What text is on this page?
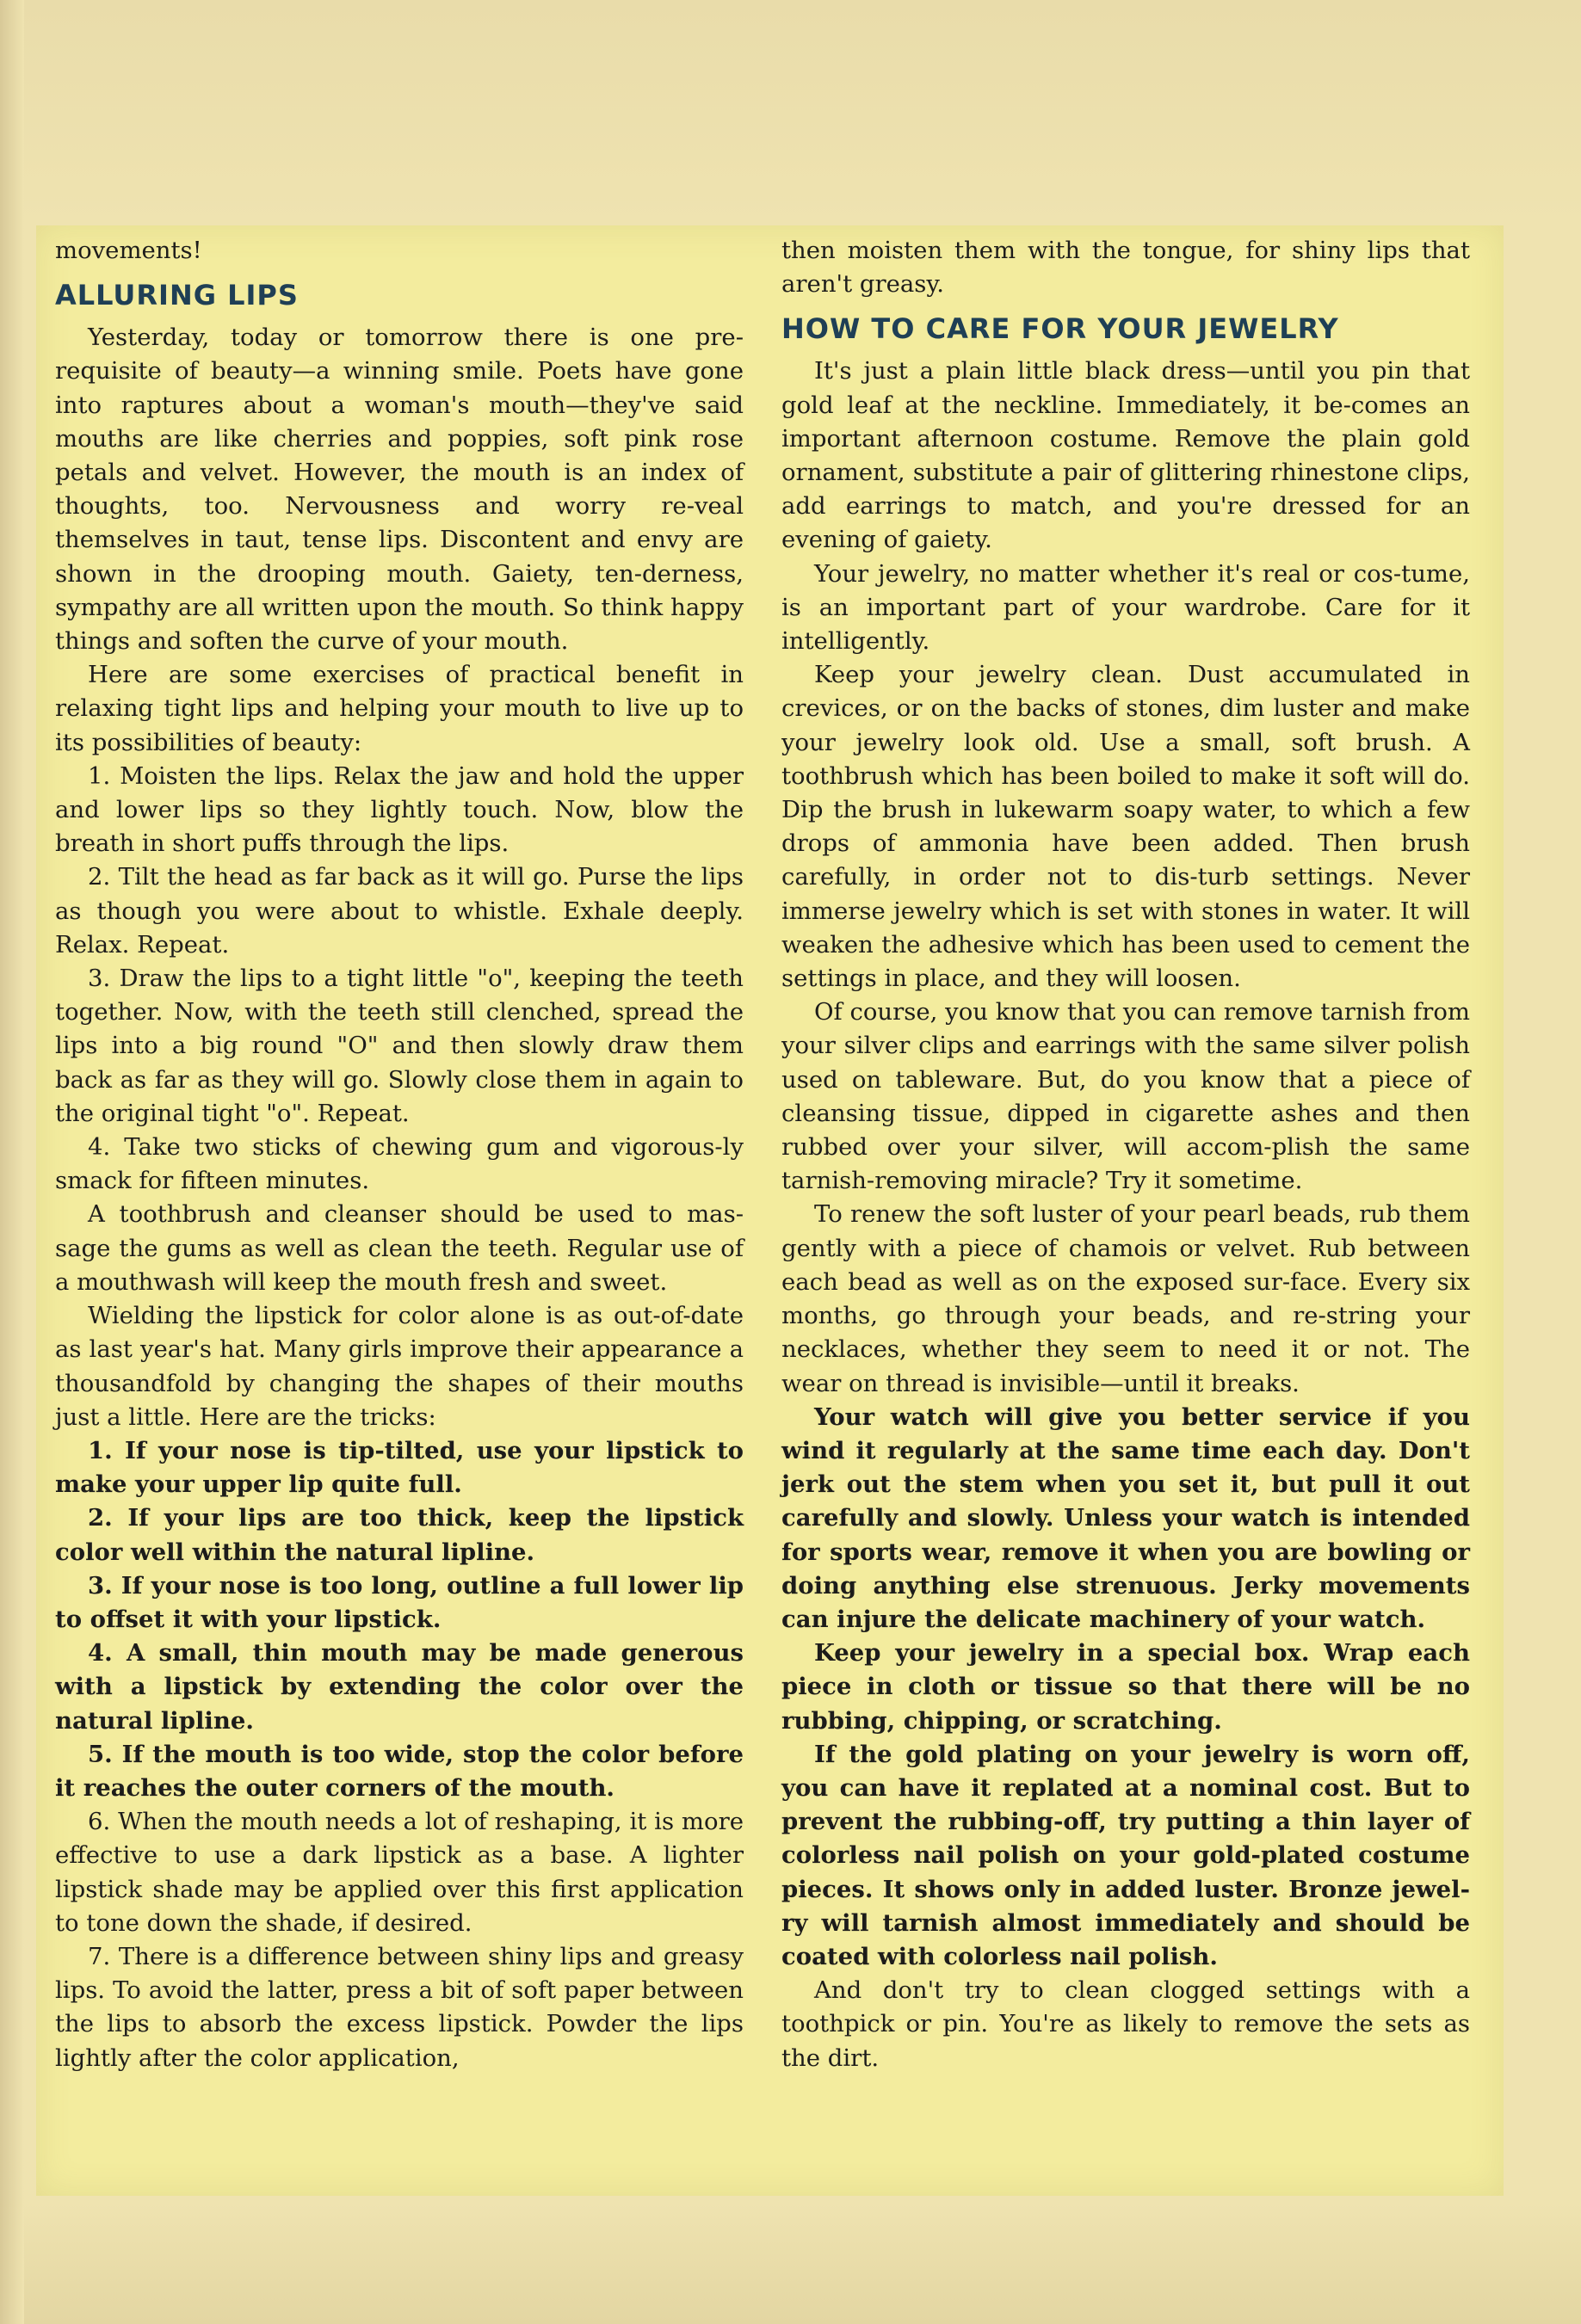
movements!

ALLURING LIPS

Yesterday, today or tomorrow there is one pre-requisite of beauty—a winning smile. Poets have gone into raptures about a woman's mouth—they've said mouths are like cherries and poppies, soft pink rose petals and velvet. However, the mouth is an index of thoughts, too. Nervousness and worry re-veal themselves in taut, tense lips. Discontent and envy are shown in the drooping mouth. Gaiety, ten-derness, sympathy are all written upon the mouth. So think happy things and soften the curve of your mouth.

Here are some exercises of practical benefit in relaxing tight lips and helping your mouth to live up to its possibilities of beauty:

1. Moisten the lips. Relax the jaw and hold the upper and lower lips so they lightly touch. Now, blow the breath in short puffs through the lips.

2. Tilt the head as far back as it will go. Purse the lips as though you were about to whistle. Exhale deeply. Relax. Repeat.

3. Draw the lips to a tight little "o", keeping the teeth together. Now, with the teeth still clenched, spread the lips into a big round "O" and then slowly draw them back as far as they will go. Slowly close them in again to the original tight "o". Repeat.

4. Take two sticks of chewing gum and vigorous-ly smack for fifteen minutes.

A toothbrush and cleanser should be used to mas-sage the gums as well as clean the teeth. Regular use of a mouthwash will keep the mouth fresh and sweet.

Wielding the lipstick for color alone is as out-of-date as last year's hat. Many girls improve their appearance a thousandfold by changing the shapes of their mouths just a little. Here are the tricks:

1. If your nose is tip-tilted, use your lipstick to make your upper lip quite full.

2. If your lips are too thick, keep the lipstick color well within the natural lipline.

3. If your nose is too long, outline a full lower lip to offset it with your lipstick.

4. A small, thin mouth may be made generous with a lipstick by extending the color over the natural lipline.

5. If the mouth is too wide, stop the color before it reaches the outer corners of the mouth.

6. When the mouth needs a lot of reshaping, it is more effective to use a dark lipstick as a base. A lighter lipstick shade may be applied over this first application to tone down the shade, if desired.

7. There is a difference between shiny lips and greasy lips. To avoid the latter, press a bit of soft paper between the lips to absorb the excess lipstick. Powder the lips lightly after the color application,

then moisten them with the tongue, for shiny lips that aren't greasy.

HOW TO CARE FOR YOUR JEWELRY

It's just a plain little black dress—until you pin that gold leaf at the neckline. Immediately, it be-comes an important afternoon costume. Remove the plain gold ornament, substitute a pair of glittering rhinestone clips, add earrings to match, and you're dressed for an evening of gaiety.

Your jewelry, no matter whether it's real or cos-tume, is an important part of your wardrobe. Care for it intelligently.

Keep your jewelry clean. Dust accumulated in crevices, or on the backs of stones, dim luster and make your jewelry look old. Use a small, soft brush. A toothbrush which has been boiled to make it soft will do. Dip the brush in lukewarm soapy water, to which a few drops of ammonia have been added. Then brush carefully, in order not to dis-turb settings. Never immerse jewelry which is set with stones in water. It will weaken the adhesive which has been used to cement the settings in place, and they will loosen.

Of course, you know that you can remove tarnish from your silver clips and earrings with the same silver polish used on tableware. But, do you know that a piece of cleansing tissue, dipped in cigarette ashes and then rubbed over your silver, will accom-plish the same tarnish-removing miracle? Try it sometime.

To renew the soft luster of your pearl beads, rub them gently with a piece of chamois or velvet. Rub between each bead as well as on the exposed sur-face. Every six months, go through your beads, and re-string your necklaces, whether they seem to need it or not. The wear on thread is invisible—until it breaks.

Your watch will give you better service if you wind it regularly at the same time each day. Don't jerk out the stem when you set it, but pull it out carefully and slowly. Unless your watch is intended for sports wear, remove it when you are bowling or doing anything else strenuous. Jerky movements can injure the delicate machinery of your watch.

Keep your jewelry in a special box. Wrap each piece in cloth or tissue so that there will be no rubbing, chipping, or scratching.

If the gold plating on your jewelry is worn off, you can have it replated at a nominal cost. But to prevent the rubbing-off, try putting a thin layer of colorless nail polish on your gold-plated costume pieces. It shows only in added luster. Bronze jewel-ry will tarnish almost immediately and should be coated with colorless nail polish.

And don't try to clean clogged settings with a toothpick or pin. You're as likely to remove the sets as the dirt.
